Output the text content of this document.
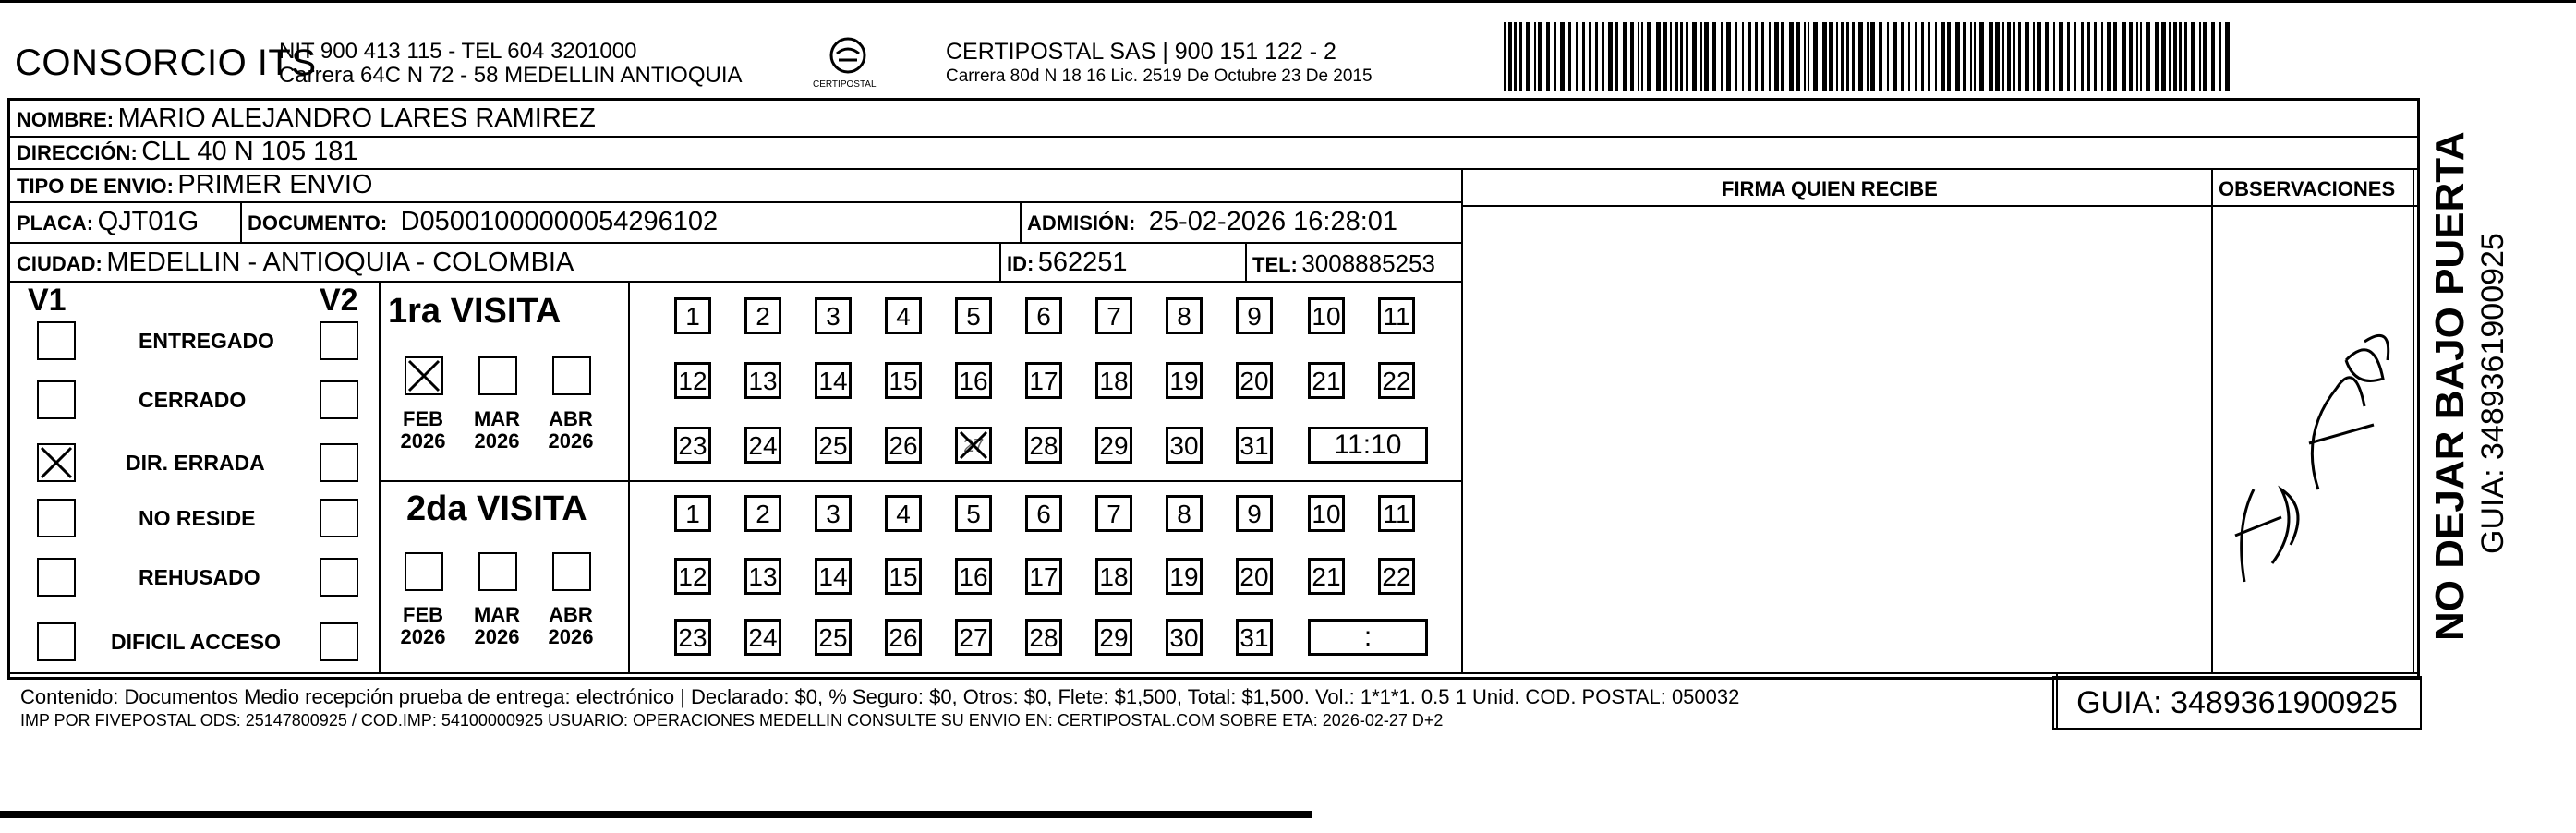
CONSORCIO ITS
NIT 900 413 115 - TEL 604 3201000
Carrera 64C N 72 - 58 MEDELLIN ANTIOQUIA	CERTIPOSTAL
CERTIPOSTAL SAS | 900 151 122 - 2
Carrera 80d N 18 16 Lic. 2519 De Octubre 23 De 2015
NOMBRE: MARIO ALEJANDRO LARES RAMIREZ
DIRECCIÓN: CLL 40 N 105 181
TIPO DE ENVIO: PRIMER ENVIO
PLACA: QJT01G DOCUMENTO: D05001000000054296102	ADMISIÓN: 25-02-2026 16:28:01
CIUDAD: MEDELLIN - ANTIOQUIA - COLOMBIA	ID: 562251	TEL: 3008885253
FIRMA QUIEN RECIBE	OBSERVACIONES
V1	V2
ENTREGADO
CERRADO
DIR. ERRADA
NO RESIDE
REHUSADO
DIFICIL ACCESO
1ra VISITA
FEB
2026
MAR
2026
ABR
2026
1	2	3	4	5	6	7	8	9	10 11
12 13 14 15 16 17 18 19 20 21 22
23 24 25 26 27 28 29 30 31	11:10
2da VISITA
FEB
2026
MAR
2026
ABR
2026
1	2	3	4	5	6	7	8	9	10 11
12 13 14 15 16 17 18 19 20 21 22
23 24 25 26 27 28 29 30 31	:
Contenido: Documentos Medio recepción prueba de entrega: electrónico | Declarado: $0, % Seguro: $0, Otros: $0, Flete: $1,500, Total: $1,500. Vol.: 1*1*1. 0.5 1 Unid. COD. POSTAL: 050032
IMP POR FIVEPOSTAL ODS: 25147800925 / COD.IMP: 54100000925 USUARIO: OPERACIONES MEDELLIN CONSULTE SU ENVIO EN: CERTIPOSTAL.COM SOBRE ETA: 2026-02-27 D+2	GUIA: 3489361900925
NO DEJAR BAJO PUERTA GUIA: 3489361900925
